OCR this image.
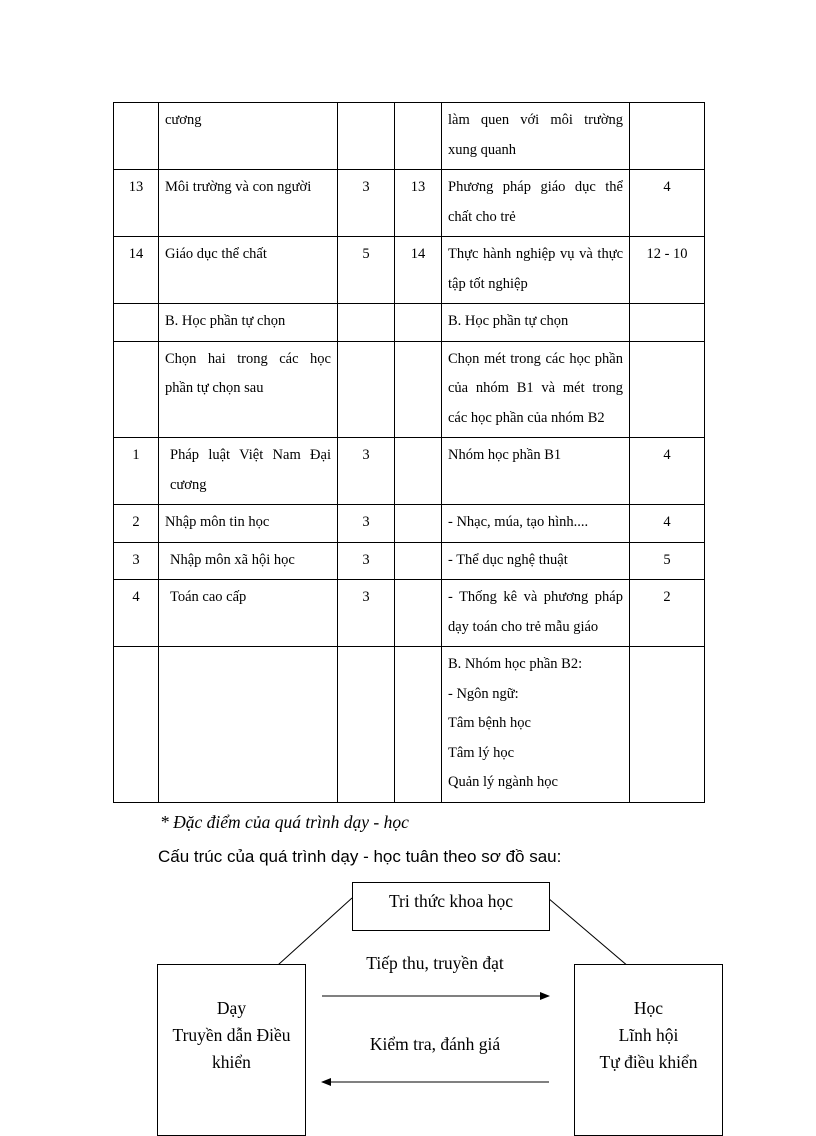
	cương			làm quen với môi trường xung quanh	
13	Môi trường và con người	3	13	Phương pháp giáo dục thể chất cho trẻ	4
14	Giáo dục thể chất	5	14	Thực hành nghiệp vụ và thực tập tốt nghiệp	12 - 10
	B. Học phần tự chọn			B. Học phần tự chọn	
	Chọn hai trong các học phần tự chọn sau			Chọn mét trong các học phần của nhóm B1 và mét trong các học phần của nhóm B2	
1	Pháp luật Việt Nam Đại cương	3		Nhóm học phần B1	4
2	Nhập môn tin học	3		- Nhạc, múa, tạo hình....	4
3	Nhập môn xã hội học	3		- Thể dục nghệ thuật	5
4	Toán cao cấp	3		- Thống kê và phương pháp dạy toán cho trẻ mẫu giáo	2

				B. Nhóm học phần B2:
- Ngôn ngữ:
Tâm bệnh học
Tâm lý học
Quản lý ngành học	

* Đặc điểm của quá trình dạy - học
Cấu trúc của quá trình dạy - học tuân theo sơ đồ sau:
Tri thức khoa học
Dạy
Truyền dẫn Điều khiển
Học
Lĩnh hội
Tự điều khiển
Tiếp thu, truyền đạt
Kiểm tra, đánh giá
